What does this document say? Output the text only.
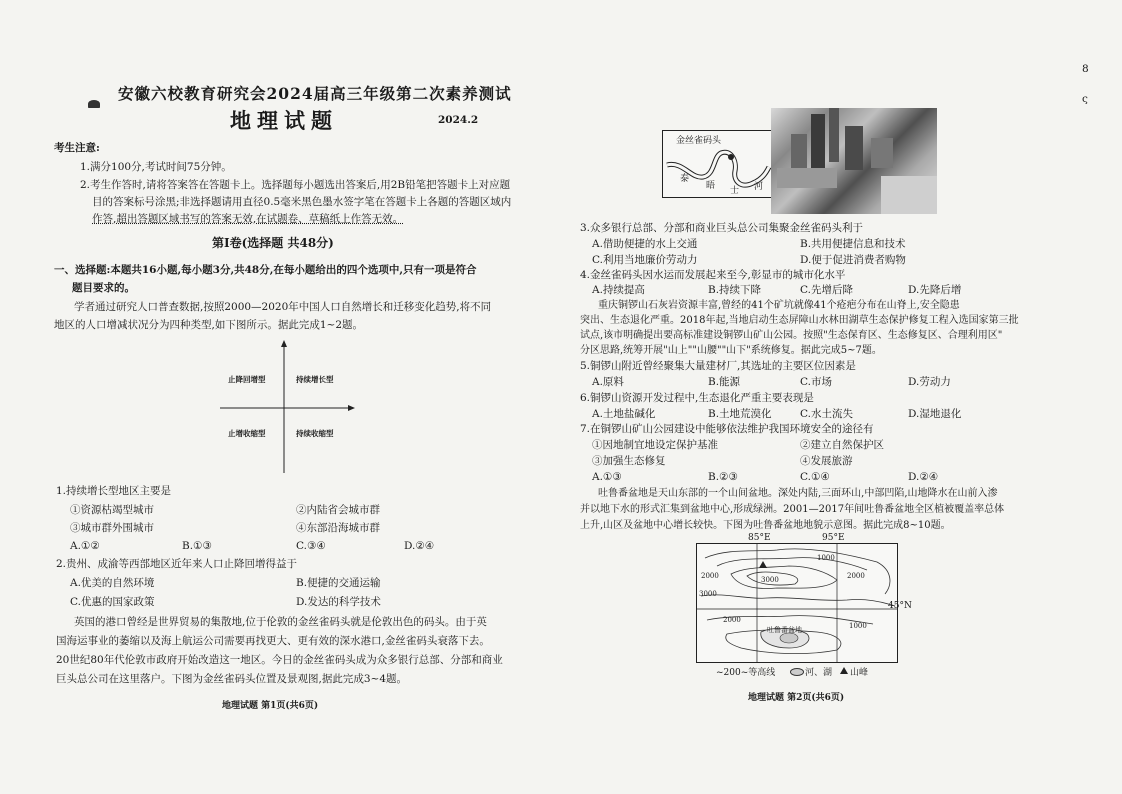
8
ς
安徽六校教育研究会2024届高三年级第二次素养测试
地理试题	2024.2
考生注意:
1.满分100分,考试时间75分钟。
2.考生作答时,请将答案答在答题卡上。选择题每小题选出答案后,用2B铅笔把答题卡上对应题
目的答案标号涂黑;非选择题请用直径0.5毫米黑色墨水签字笔在答题卡上各题的答题区域内
作答,超出答题区域书写的答案无效,在试题卷、草稿纸上作答无效。
第Ⅰ卷(选择题 共48分)
一、选择题:本题共16小题,每小题3分,共48分,在每小题给出的四个选项中,只有一项是符合
题目要求的。
学者通过研究人口普查数据,按照2000—2020年中国人口自然增长和迁移变化趋势,将不同
地区的人口增减状况分为四种类型,如下图所示。据此完成1~2题。
止降回增型	持续增长型
止增收缩型	持续收缩型
1.持续增长型地区主要是
①资源枯竭型城市	②内陆省会城市群
③城市群外围城市	④东部沿海城市群
A.①②	B.①③	C.③④	D.②④
2.贵州、成渝等西部地区近年来人口止降回增得益于
A.优美的自然环境	B.便捷的交通运输
C.优惠的国家政策	D.发达的科学技术
英国的港口曾经是世界贸易的集散地,位于伦敦的金丝雀码头就是伦敦出色的码头。由于英
国海运事业的萎缩以及海上航运公司需要再找更大、更有效的深水港口,金丝雀码头衰落下去。
20世纪80年代伦敦市政府开始改造这一地区。今日的金丝雀码头成为众多银行总部、分部和商业
巨头总公司在这里落户。下图为金丝雀码头位置及景观图,据此完成3~4题。
地理试题 第1页(共6页)
金丝雀码头
泰
晤 士 河
3.众多银行总部、分部和商业巨头总公司集聚金丝雀码头利于
A.借助便捷的水上交通	B.共用便捷信息和技术
C.利用当地廉价劳动力	D.便于促进消费者购物
4.金丝雀码头因水运而发展起来至今,彰显市的城市化水平
A.持续提高	B.持续下降	C.先增后降	D.先降后增
重庆铜锣山石灰岩资源丰富,曾经的41个矿坑就像41个疮疤分布在山脊上,安全隐患
突出、生态退化严重。2018年起,当地启动生态屏障山水林田湖草生态保护修复工程入选国家第三批
试点,该市明确提出要高标准建设铜锣山矿山公园。按照"生态保育区、生态修复区、合理利用区"
分区思路,统筹开展"山上""山腰""山下"系统修复。据此完成5~7题。
5.铜锣山附近曾经聚集大量建材厂,其选址的主要区位因素是
A.原料	B.能源	C.市场	D.劳动力
6.铜锣山资源开发过程中,生态退化严重主要表现是
A.土地盐碱化	B.土地荒漠化	C.水土流失	D.湿地退化
7.在铜锣山矿山公园建设中能够依法维护我国环境安全的途径有
①因地制宜地设定保护基准	②建立自然保护区
③加强生态修复	④发展旅游
A.①③	B.②③	C.①④	D.②④
吐鲁番盆地是天山东部的一个山间盆地。深处内陆,三面环山,中部凹陷,山地降水在山前入渗
并以地下水的形式汇集到盆地中心,形成绿洲。2001—2017年间吐鲁番盆地全区植被覆盖率总体
上升,山区及盆地中心增长较快。下图为吐鲁番盆地地貌示意图。据此完成8~10题。
1000
2000	3000	2000
3000
2000
1000
吐鲁番盆地
85°E	95°E
45°N
~200~等高线	河、湖 山峰
地理试题 第2页(共6页)
